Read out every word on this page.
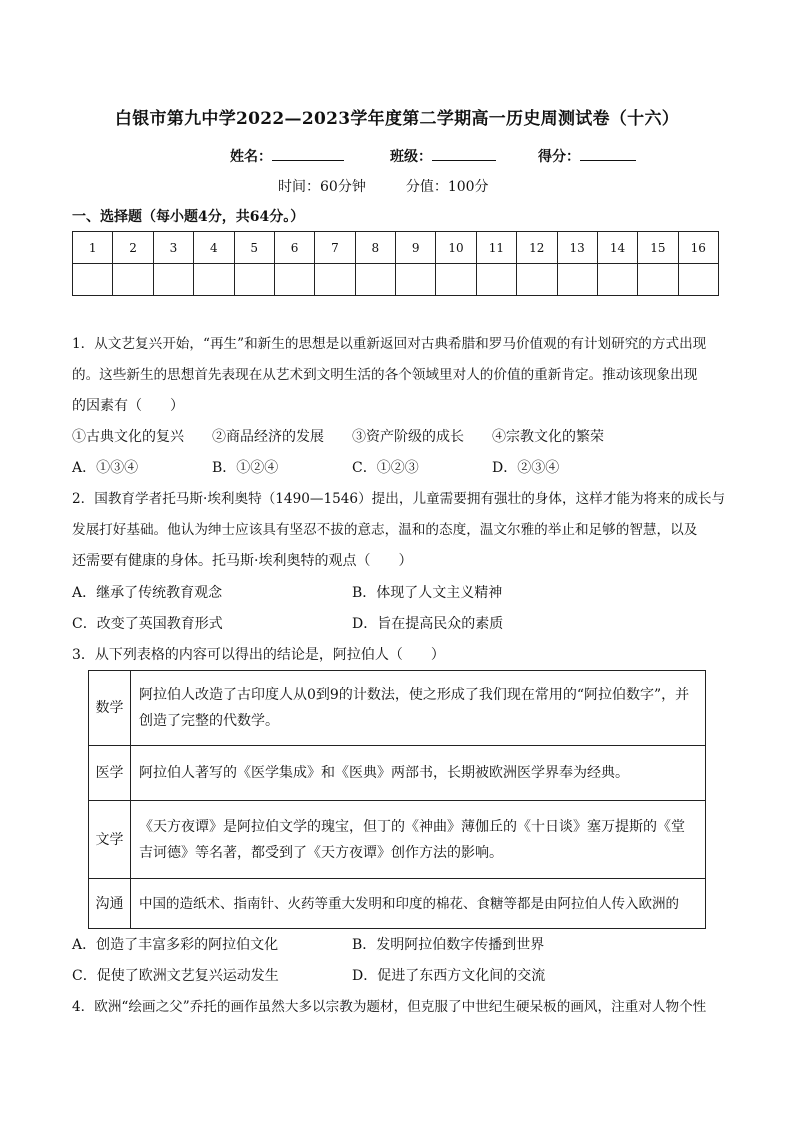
白银市第九中学2022—2023学年度第二学期高一历史周测试卷（十六）
姓名：	班级：	得分：
时间：60分钟	分值：100分
一、选择题（每小题4分，共64分。）
1	2	3	4	5	6	7	8	9	10	11	12	13	14	15	16

1．从文艺复兴开始，“再生”和新生的思想是以重新返回对古典希腊和罗马价值观的有计划研究的方式出现
的。这些新生的思想首先表现在从艺术到文明生活的各个领域里对人的价值的重新肯定。推动该现象出现
的因素有（　　）
①古典文化的复兴 ②商品经济的发展 ③资产阶级的成长 ④宗教文化的繁荣
A．①③④	B．①②④	C．①②③	D．②③④
2．国教育学者托马斯·埃利奥特（1490—1546）提出，儿童需要拥有强壮的身体，这样才能为将来的成长与
发展打好基础。他认为绅士应该具有坚忍不拔的意志，温和的态度，温文尔雅的举止和足够的智慧，以及
还需要有健康的身体。托马斯·埃利奥特的观点（　　）
A．继承了传统教育观念	B．体现了人文主义精神
C．改变了英国教育形式	D．旨在提高民众的素质
3．从下列表格的内容可以得出的结论是，阿拉伯人（　　）
数学	阿拉伯人改造了古印度人从0到9的计数法，使之形成了我们现在常用的“阿拉伯数字”，并创造了完整的代数学。
医学	阿拉伯人著写的《医学集成》和《医典》两部书，长期被欧洲医学界奉为经典。
文学	《天方夜谭》是阿拉伯文学的瑰宝，但丁的《神曲》薄伽丘的《十日谈》塞万提斯的《堂吉诃德》等名著，都受到了《天方夜谭》创作方法的影响。
沟通	中国的造纸术、指南针、火药等重大发明和印度的棉花、食糖等都是由阿拉伯人传入欧洲的
A．创造了丰富多彩的阿拉伯文化	B．发明阿拉伯数字传播到世界
C．促使了欧洲文艺复兴运动发生	D．促进了东西方文化间的交流
4．欧洲“绘画之父”乔托的画作虽然大多以宗教为题材，但克服了中世纪生硬呆板的画风，注重对人物个性
